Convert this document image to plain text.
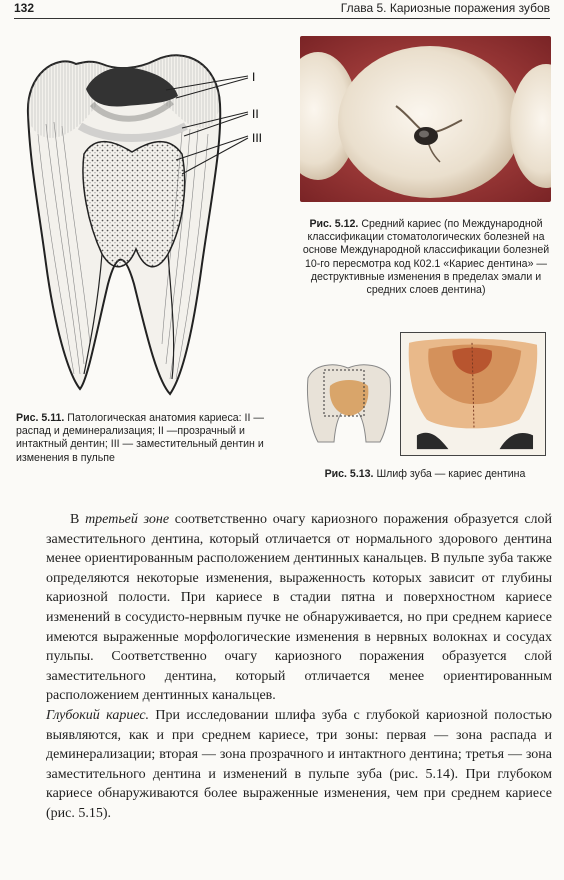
132	Глава 5. Кариозные поражения зубов
I
II
III
Рис. 5.11. Патологическая анатомия кариеса: II — распад и деминерализация; II —прозрачный и интактный дентин; III — заместительный дентин и изменения в пульпе
Рис. 5.12. Средний кариес (по Международной классификации стоматологических болезней на основе Международной классификации болезней 10-го пересмотра код К02.1 «Кариес дентина» — деструктивные изменения в пределах эмали и средних слоев дентина)
Рис. 5.13. Шлиф зуба — кариес дентина

В третьей зоне соответственно очагу кариозного поражения образуется слой заместительного дентина, который отличается от нормального здорового дентина менее ориентированным расположением дентинных канальцев. В пульпе зуба также определяются некоторые изменения, выраженность которых зависит от глубины кариозной полости. При кариесе в стадии пятна и поверхностном кариесе изменений в сосудисто-нервным пучке не обнаруживается, но при среднем кариесе имеются выраженные морфологические изменения в нервных волокнах и сосудах пульпы. Соответственно очагу кариозного поражения образуется слой заместительного дентина, который отличается менее ориентированным расположением дентинных канальцев.

Глубокий кариес. При исследовании шлифа зуба с глубокой кариозной полостью выявляются, как и при среднем кариесе, три зоны: первая — зона распада и деминерализации; вторая — зона прозрачного и интактного дентина; третья — зона заместительного дентина и изменений в пульпе зуба (рис. 5.14). При глубоком кариесе обнаруживаются более выраженные изменения, чем при среднем кариесе (рис. 5.15).
